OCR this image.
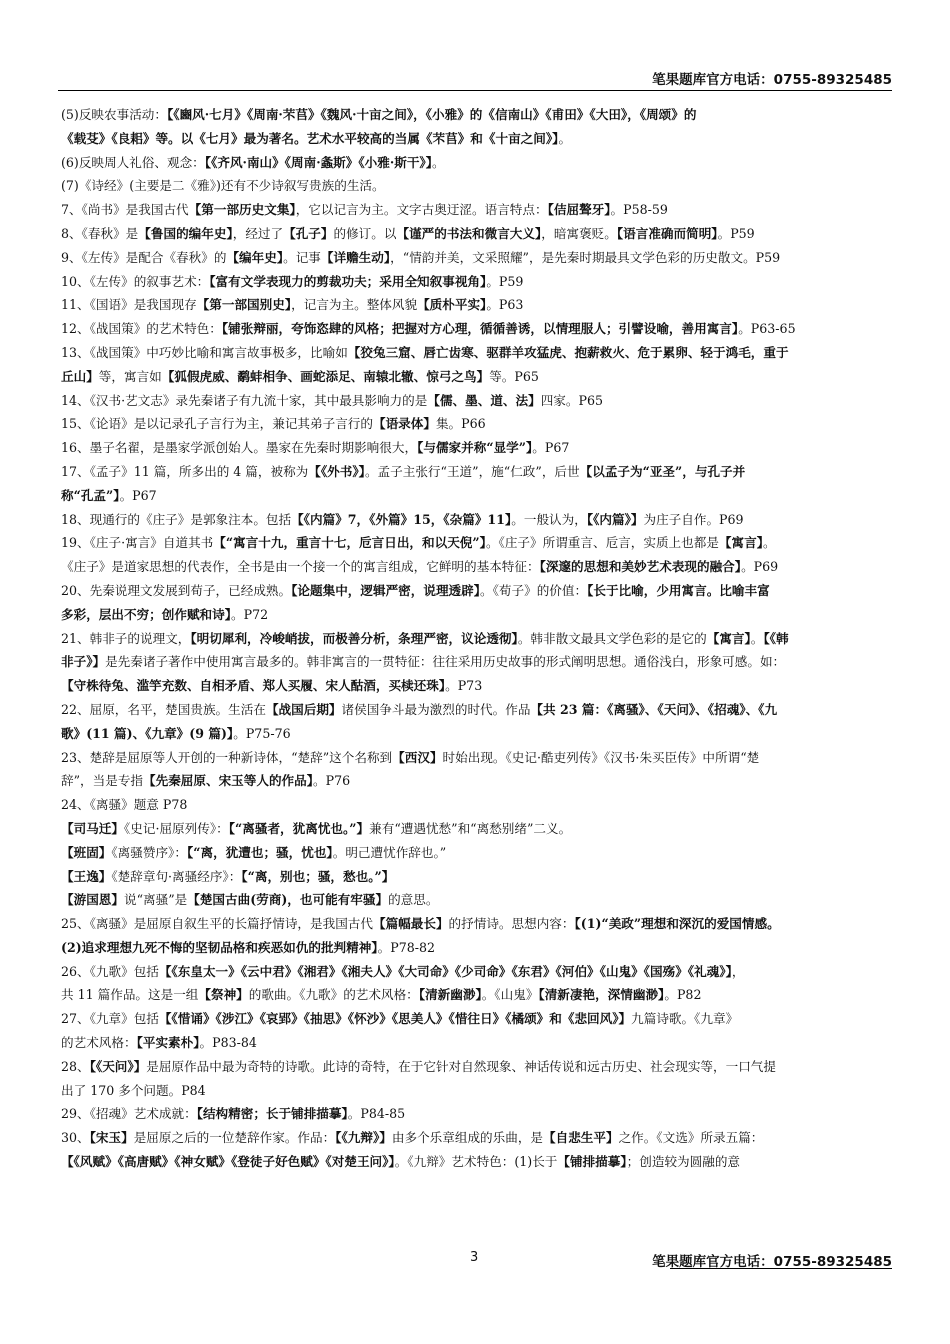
笔果题库官方电话：0755-89325485
(5)反映农事活动：【《豳风·七月》《周南·芣苢》《魏风·十亩之间》，《小雅》的《信南山》《甫田》《大田》，《周颂》的
《载芟》《良耜》等。以《七月》最为著名。艺术水平较高的当属《芣苢》和《十亩之间》】。
(6)反映周人礼俗、观念：【《齐风·南山》《周南·螽斯》《小雅·斯干》】。
(7)《诗经》(主要是二《雅》)还有不少诗叙写贵族的生活。
7、《尚书》是我国古代【第一部历史文集】，它以记言为主。文字古奥迂涩。语言特点：【佶屈聱牙】。P58-59
8、《春秋》是【鲁国的编年史】，经过了【孔子】的修订。以【谨严的书法和微言大义】，暗寓褒贬。【语言准确而简明】。P59
9、《左传》是配合《春秋》的【编年史】。记事【详赡生动】，“情韵并美，文采照耀”，是先秦时期最具文学色彩的历史散文。P59
10、《左传》的叙事艺术：【富有文学表现力的剪裁功夫；采用全知叙事视角】。P59
11、《国语》是我国现存【第一部国别史】，记言为主。整体风貌【质朴平实】。P63
12、《战国策》的艺术特色：【铺张辩丽，夸饰恣肆的风格；把握对方心理，循循善诱，以情理服人；引譬设喻，善用寓言】。P63-65
13、《战国策》中巧妙比喻和寓言故事极多，比喻如【狡兔三窟、唇亡齿寒、驱群羊攻猛虎、抱薪救火、危于累卵、轻于鸿毛，重于
丘山】等，寓言如【狐假虎威、鹬蚌相争、画蛇添足、南辕北辙、惊弓之鸟】等。P65
14、《汉书·艺文志》录先秦诸子有九流十家，其中最具影响力的是【儒、墨、道、法】四家。P65
15、《论语》是以记录孔子言行为主，兼记其弟子言行的【语录体】集。P66
16、墨子名翟，是墨家学派创始人。墨家在先秦时期影响很大，【与儒家并称“显学”】。P67
17、《孟子》11 篇，所多出的 4 篇，被称为【《外书》】。孟子主张行“王道”，施“仁政”，后世【以孟子为“亚圣”，与孔子并
称“孔孟”】。P67
18、现通行的《庄子》是郭象注本。包括【《内篇》7，《外篇》15，《杂篇》11】。一般认为，【《内篇》】为庄子自作。P69
19、《庄子·寓言》自道其书【“寓言十九，重言十七，卮言日出，和以天倪”】。《庄子》所谓重言、卮言，实质上也都是【寓言】。
《庄子》是道家思想的代表作，全书是由一个接一个的寓言组成，它鲜明的基本特征：【深邃的思想和美妙艺术表现的融合】。P69
20、先秦说理文发展到荀子，已经成熟。【论题集中，逻辑严密，说理透辟】。《荀子》的价值：【长于比喻，少用寓言。比喻丰富
多彩，层出不穷；创作赋和诗】。P72
21、韩非子的说理文，【明切犀利，冷峻峭拔，而极善分析，条理严密，议论透彻】。韩非散文最具文学色彩的是它的【寓言】。【《韩
非子》】是先秦诸子著作中使用寓言最多的。韩非寓言的一贯特征：往往采用历史故事的形式阐明思想。通俗浅白，形象可感。如：
【守株待兔、滥竽充数、自相矛盾、郑人买履、宋人酤酒，买椟还珠】。P73
22、屈原，名平，楚国贵族。生活在【战国后期】诸侯国争斗最为激烈的时代。作品【共 23 篇：《离骚》、《天问》、《招魂》、《九
歌》(11 篇)、《九章》(9 篇)】。P75-76
23、楚辞是屈原等人开创的一种新诗体，“楚辞”这个名称到【西汉】时始出现。《史记·酷吏列传》《汉书·朱买臣传》中所谓“楚
辞”，当是专指【先秦屈原、宋玉等人的作品】。P76
24、《离骚》题意 P78
【司马迁】《史记·屈原列传》：【“离骚者，犹离忧也。”】兼有“遭遇忧愁”和“离愁别绪”二义。
【班固】《离骚赞序》：【“离，犹遭也；骚，忧也】。明己遭忧作辞也。”
【王逸】《楚辞章句·离骚经序》：【“离，别也；骚，愁也。”】
【游国恩】说“离骚”是【楚国古曲(劳商)，也可能有牢骚】的意思。
25、《离骚》是屈原自叙生平的长篇抒情诗，是我国古代【篇幅最长】的抒情诗。思想内容：【(1)“美政”理想和深沉的爱国情感。
(2)追求理想九死不悔的坚韧品格和疾恶如仇的批判精神】。P78-82
26、《九歌》包括【《东皇太一》《云中君》《湘君》《湘夫人》《大司命》《少司命》《东君》《河伯》《山鬼》《国殇》《礼魂》】，
共 11 篇作品。这是一组【祭神】的歌曲。《九歌》的艺术风格：【清新幽渺】。《山鬼》【清新凄艳，深情幽渺】。P82
27、《九章》包括【《惜诵》《涉江》《哀郢》《抽思》《怀沙》《思美人》《惜往日》《橘颂》和《悲回风》】九篇诗歌。《九章》
的艺术风格：【平实素朴】。P83-84
28、【《天问》】是屈原作品中最为奇特的诗歌。此诗的奇特，在于它针对自然现象、神话传说和远古历史、社会现实等，一口气提
出了 170 多个问题。P84
29、《招魂》艺术成就：【结构精密；长于铺排描摹】。P84-85
30、【宋玉】是屈原之后的一位楚辞作家。作品：【《九辩》】由多个乐章组成的乐曲，是【自悲生平】之作。《文选》所录五篇：
【《风赋》《高唐赋》《神女赋》《登徒子好色赋》《对楚王问》】。《九辩》艺术特色：(1)长于【铺排描摹】；创造较为圆融的意
3	笔果题库官方电话：0755-89325485
